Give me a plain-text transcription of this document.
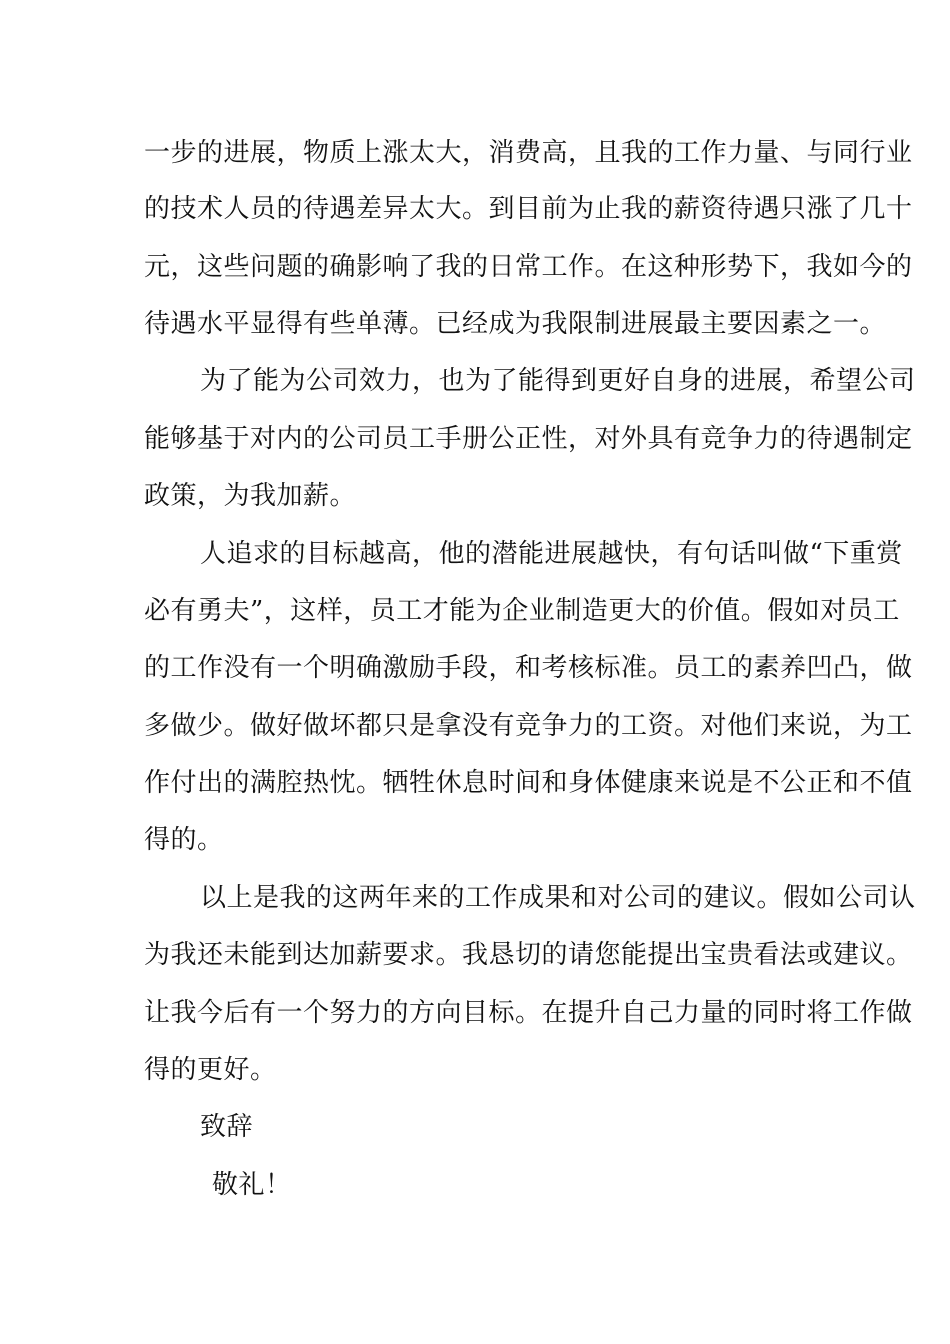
一步的进展，物质上涨太大，消费高，且我的工作力量、与同行业
的技术人员的待遇差异太大。到目前为止我的薪资待遇只涨了几十
元，这些问题的确影响了我的日常工作。在这种形势下，我如今的
待遇水平显得有些单薄。已经成为我限制进展最主要因素之一。
为了能为公司效力，也为了能得到更好自身的进展，希望公司
能够基于对内的公司员工手册公正性，对外具有竞争力的待遇制定
政策，为我加薪。
人追求的目标越高，他的潜能进展越快，有句话叫做“下重赏
必有勇夫”，这样，员工才能为企业制造更大的价值。假如对员工
的工作没有一个明确激励手段，和考核标准。员工的素养凹凸，做
多做少。做好做坏都只是拿没有竞争力的工资。对他们来说，为工
作付出的满腔热忱。牺牲休息时间和身体健康来说是不公正和不值
得的。
以上是我的这两年来的工作成果和对公司的建议。假如公司认
为我还未能到达加薪要求。我恳切的请您能提出宝贵看法或建议。
让我今后有一个努力的方向目标。在提升自己力量的同时将工作做
得的更好。
致辞
敬礼！
